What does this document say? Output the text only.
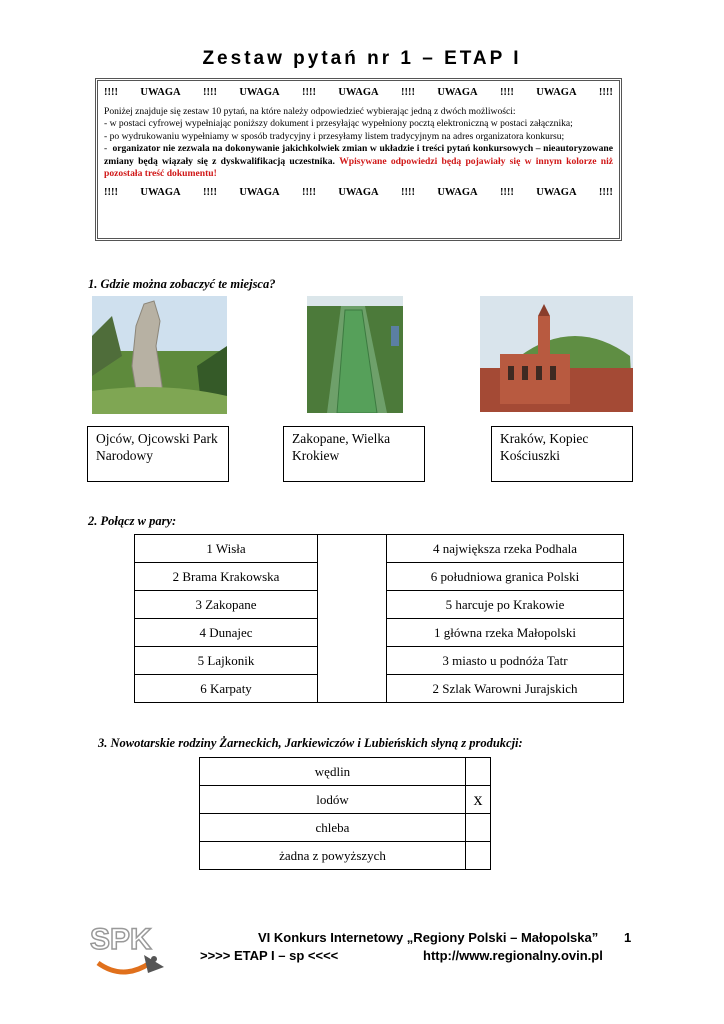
Zestaw pytań nr 1 – ETAP I
!!!! UWAGA !!!! UWAGA !!!! UWAGA !!!! UWAGA !!!! UWAGA !!!!

Poniżej znajduje się zestaw 10 pytań, na które należy odpowiedzieć wybierając jedną z dwóch możliwości:

- w postaci cyfrowej wypełniając poniższy dokument i przesyłając wypełniony pocztą elektroniczną w postaci załącznika;

- po wydrukowaniu wypełniamy w sposób tradycyjny i przesyłamy listem tradycyjnym na adres organizatora konkursu;

- organizator nie zezwala na dokonywanie jakichkolwiek zmian w układzie i treści pytań konkursowych – nieautoryzowane zmiany będą wiązały się z dyskwalifikacją uczestnika. Wpisywane odpowiedzi będą pojawiały się w innym kolorze niż pozostała treść dokumentu!

!!!! UWAGA !!!! UWAGA !!!! UWAGA !!!! UWAGA !!!! UWAGA !!!!
1. Gdzie można zobaczyć te miejsca?
Ojców, Ojcowski Park Narodowy
Zakopane, Wielka Krokiew
Kraków, Kopiec Kościuszki
2. Połącz w pary:
1 Wisła		4 największa rzeka Podhala
2 Brama Krakowska		6 południowa granica Polski
3 Zakopane		5 harcuje po Krakowie
4 Dunajec		1 główna rzeka Małopolski
5 Lajkonik		3 miasto u podnóża Tatr
6 Karpaty		2 Szlak Warowni Jurajskich
3. Nowotarskie rodziny Żarneckich, Jarkiewiczów i Lubieńskich słyną z produkcji:
wędlin	
lodów	x
chleba	
żadna z powyższych	
SPK	VI Konkurs Internetowy „Regiony Polski – Małopolska” 1
>>>> ETAP I – sp <<<<	http://www.regionalny.ovin.pl
